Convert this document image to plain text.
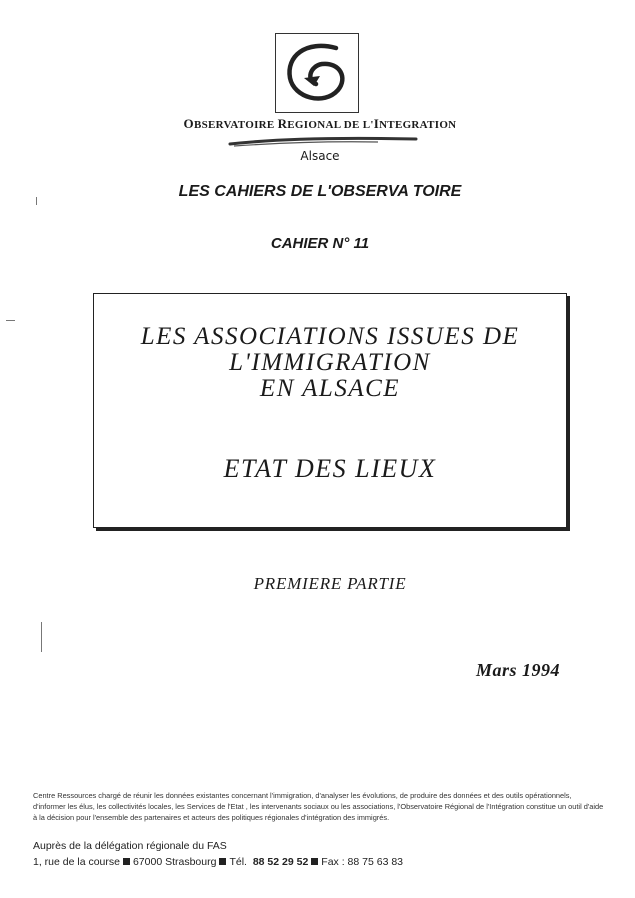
OBSERVATOIRE REGIONAL DE L'INTEGRATION
Alsace
LES CAHIERS DE L'OBSERVA TOIRE
CAHIER N° 11
LES ASSOCIATIONS ISSUES DE
L'IMMIGRATION
EN ALSACE
ETAT DES LIEUX
PREMIERE PARTIE
Mars 1994
Centre Ressources chargé de réunir les données existantes concernant l'immigration, d'analyser les évolutions, de produire des données et des outils opérationnels, d'informer les élus, les collectivités locales, les Services de l'Etat , les intervenants sociaux ou les associations, l'Observatoire Régional de l'Intégration constitue un outil d'aide à la décision pour l'ensemble des partenaires et acteurs des politiques régionales d'intégration des immigrés.
Auprès de la délégation régionale du FAS
1, rue de la course 67000 Strasbourg Tél. 88 52 29 52 Fax : 88 75 63 83
